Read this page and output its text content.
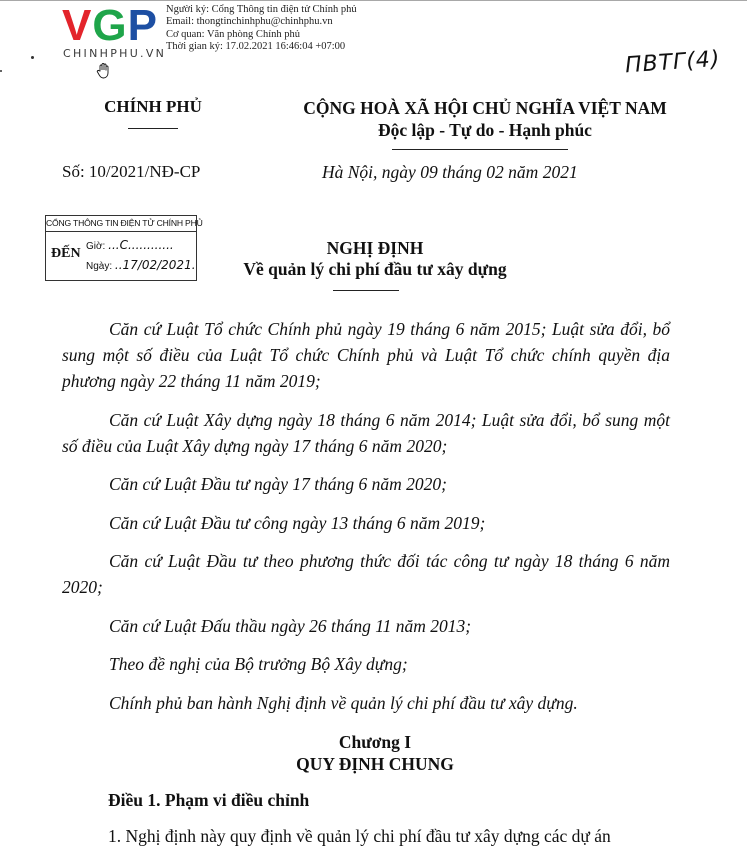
VGP
CHINHPHU.VN
Người ký: Cổng Thông tin điện tử Chính phủ
Email: thongtinchinhphu@chinhphu.vn
Cơ quan: Văn phòng Chính phủ
Thời gian ký: 17.02.2021 16:46:04 +07:00
ПВТГ(4)
CHÍNH PHỦ	CỘNG HOÀ XÃ HỘI CHỦ NGHĨA VIỆT NAM
Độc lập - Tự do - Hạnh phúc
Số: 10/2021/NĐ-CP	Hà Nội, ngày 09 tháng 02 năm 2021
CỔNG THÔNG TIN ĐIỆN TỬ CHÍNH PHỦ
ĐẾN Giờ: ...C............
Ngày: ..17/02/2021.
NGHỊ ĐỊNH
Về quản lý chi phí đầu tư xây dựng

Căn cứ Luật Tổ chức Chính phủ ngày 19 tháng 6 năm 2015; Luật sửa đổi, bổ sung một số điều của Luật Tổ chức Chính phủ và Luật Tổ chức chính quyền địa phương ngày 22 tháng 11 năm 2019;

Căn cứ Luật Xây dựng ngày 18 tháng 6 năm 2014; Luật sửa đổi, bổ sung một số điều của Luật Xây dựng ngày 17 tháng 6 năm 2020;

Căn cứ Luật Đầu tư ngày 17 tháng 6 năm 2020;

Căn cứ Luật Đầu tư công ngày 13 tháng 6 năm 2019;

Căn cứ Luật Đầu tư theo phương thức đối tác công tư ngày 18 tháng 6 năm 2020;

Căn cứ Luật Đấu thầu ngày 26 tháng 11 năm 2013;

Theo đề nghị của Bộ trưởng Bộ Xây dựng;

Chính phủ ban hành Nghị định về quản lý chi phí đầu tư xây dựng.

Chương I
QUY ĐỊNH CHUNG
Điều 1. Phạm vi điều chỉnh
1. Nghị định này quy định về quản lý chi phí đầu tư xây dựng các dự án
